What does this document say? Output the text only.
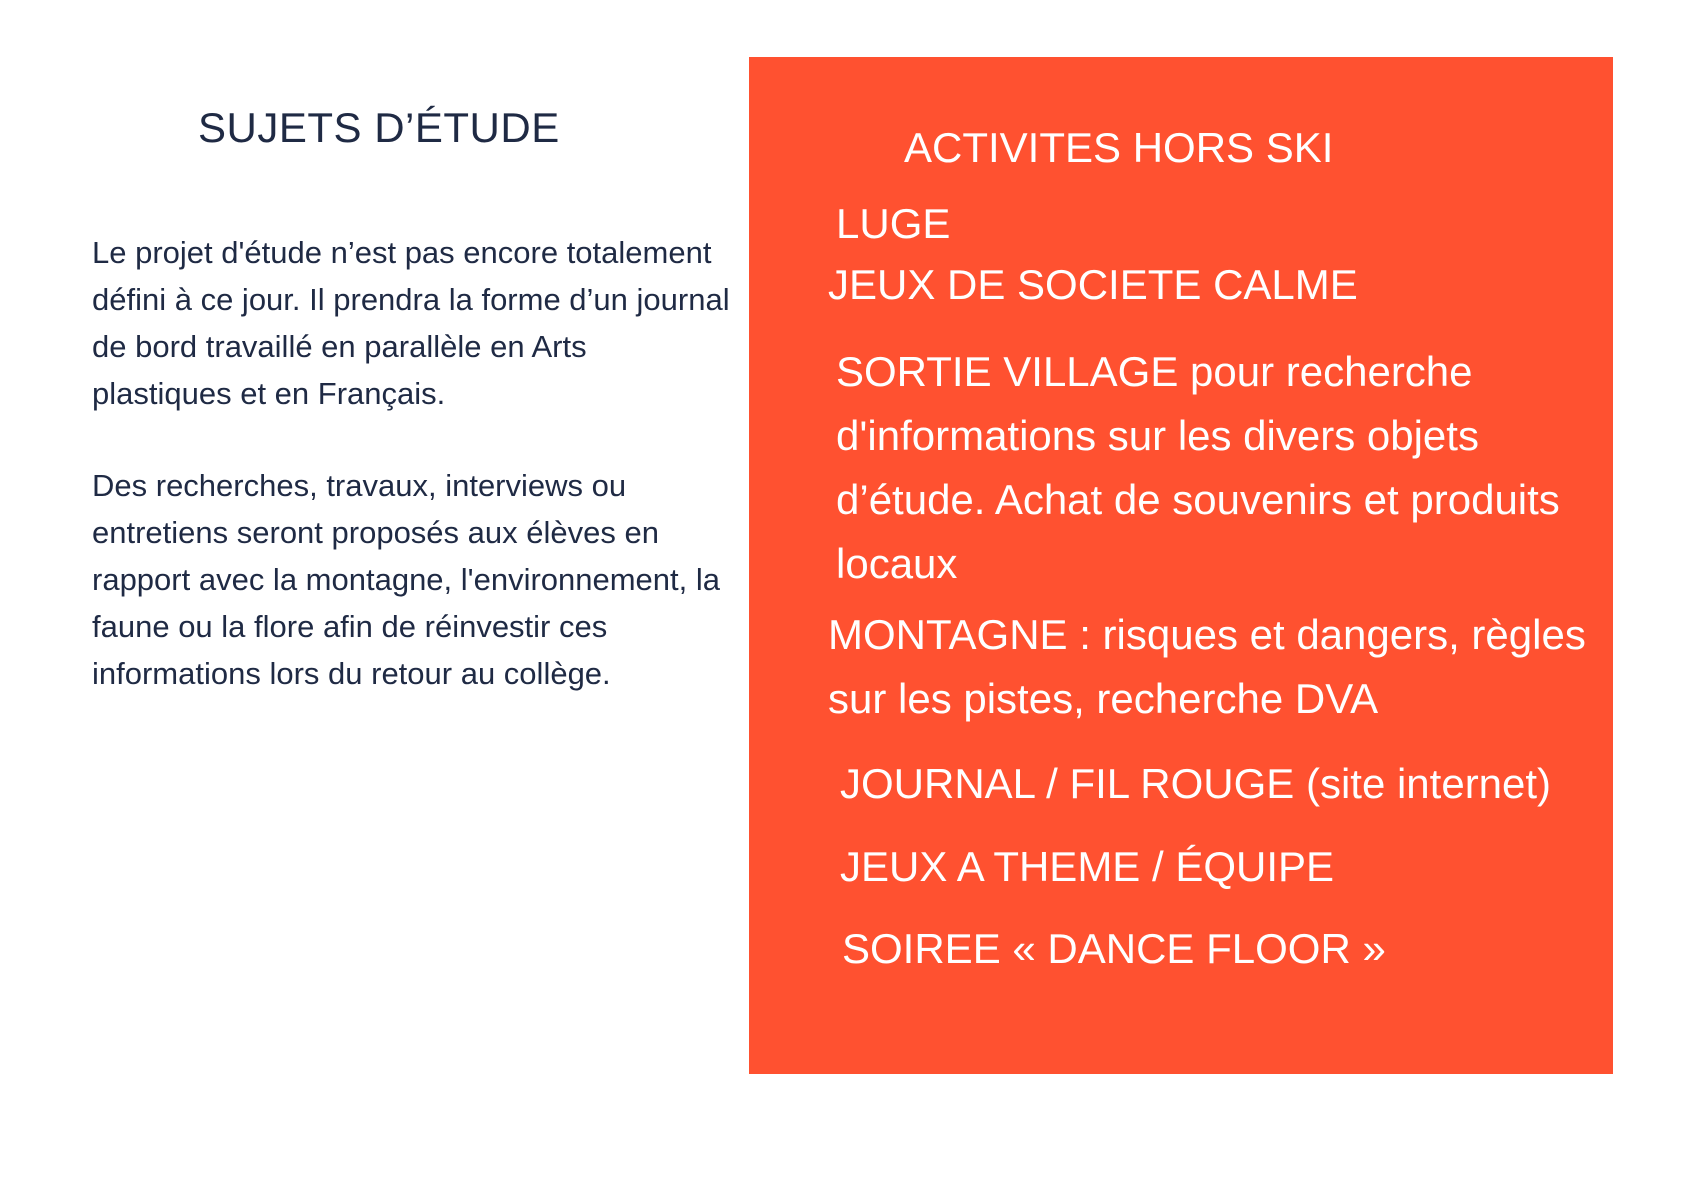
SUJETS D’ÉTUDE
Le projet d'étude n’est pas encore totalement défini à ce jour. Il prendra la forme d’un journal de bord travaillé en parallèle en Arts plastiques et en Français.
Des recherches, travaux, interviews ou entretiens seront proposés aux élèves en rapport avec la montagne, l'environnement, la faune ou la flore afin de réinvestir ces informations lors du retour au collège.
ACTIVITES HORS SKI
LUGE
JEUX DE SOCIETE CALME
SORTIE VILLAGE pour recherche d'informations sur les divers objets d’étude. Achat de souvenirs et produits locaux
MONTAGNE : risques et dangers, règles sur les pistes, recherche DVA
JOURNAL / FIL ROUGE (site internet)
JEUX A THEME / ÉQUIPE
SOIREE « DANCE FLOOR »
